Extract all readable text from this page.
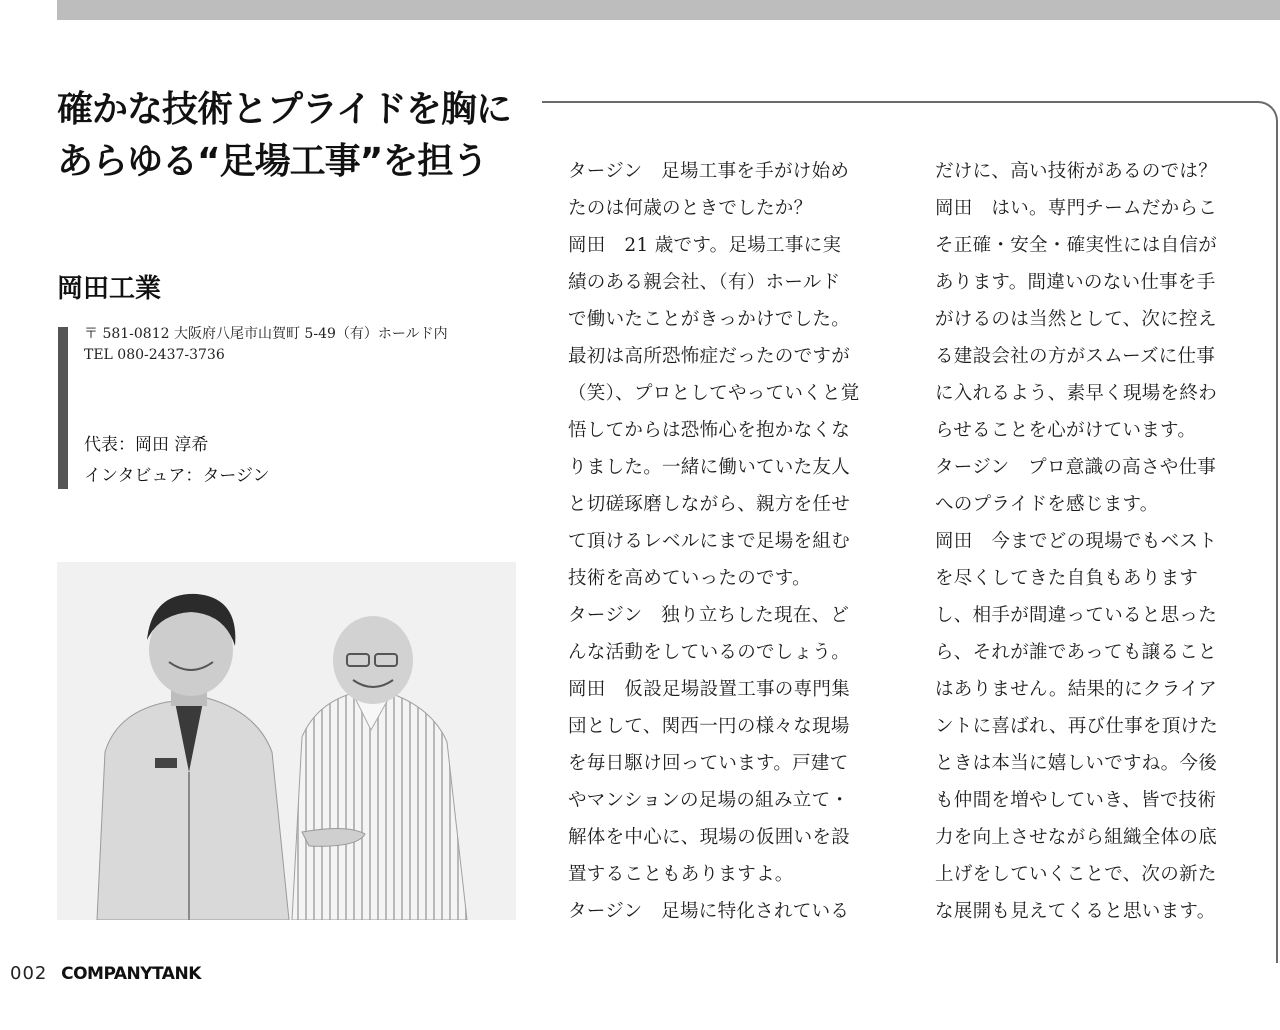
確かな技術とプライドを胸に
あらゆる“足場工事”を担う
岡田工業
〒 581-0812 大阪府八尾市山賀町 5-49（有）ホールド内
TEL 080-2437-3736
代表：岡田 淳希
インタビュア：タージン

タージン　足場工事を手がけ始め

たのは何歳のときでしたか？

岡田　21 歳です。足場工事に実

績のある親会社、（有）ホールド

で働いたことがきっかけでした。

最初は高所恐怖症だったのですが

（笑）、プロとしてやっていくと覚

悟してからは恐怖心を抱かなくな

りました。一緒に働いていた友人

と切磋琢磨しながら、親方を任せ

て頂けるレベルにまで足場を組む

技術を高めていったのです。

タージン　独り立ちした現在、ど

んな活動をしているのでしょう。

岡田　仮設足場設置工事の専門集

団として、関西一円の様々な現場

を毎日駆け回っています。戸建て

やマンションの足場の組み立て・

解体を中心に、現場の仮囲いを設

置することもありますよ。

タージン　足場に特化されている

だけに、高い技術があるのでは？

岡田　はい。専門チームだからこ

そ正確・安全・確実性には自信が

あります。間違いのない仕事を手

がけるのは当然として、次に控え

る建設会社の方がスムーズに仕事

に入れるよう、素早く現場を終わ

らせることを心がけています。

タージン　プロ意識の高さや仕事

へのプライドを感じます。

岡田　今までどの現場でもベスト

を尽くしてきた自負もあります

し、相手が間違っていると思った

ら、それが誰であっても譲ること

はありません。結果的にクライア

ントに喜ばれ、再び仕事を頂けた

ときは本当に嬉しいですね。今後

も仲間を増やしていき、皆で技術

力を向上させながら組織全体の底

上げをしていくことで、次の新た

な展開も見えてくると思います。

002 COMPANYTANK
